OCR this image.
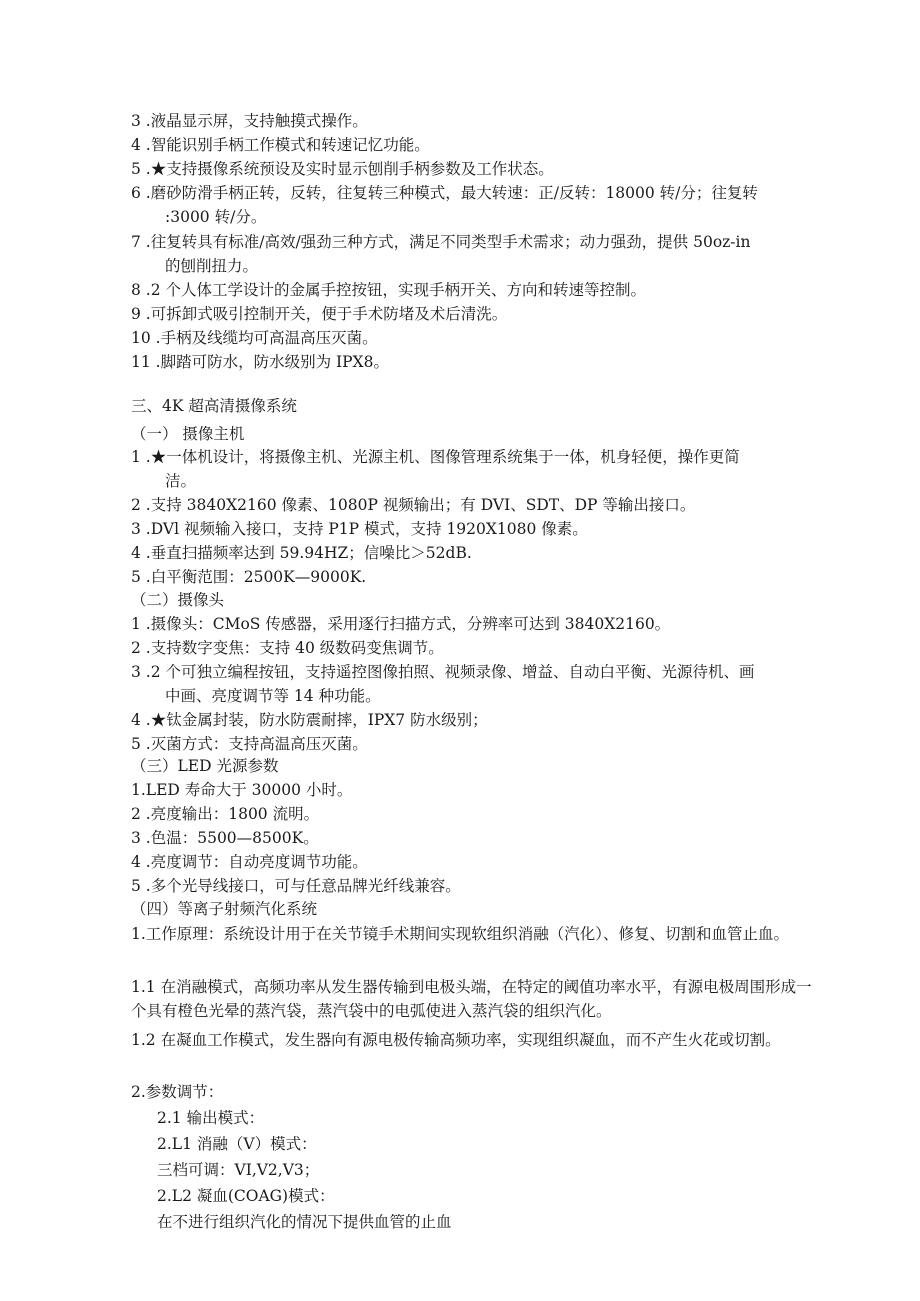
3 .液晶显示屏，支持触摸式操作。
4 .智能识别手柄工作模式和转速记忆功能。
5 .★支持摄像系统预设及实时显示刨削手柄参数及工作状态。
6 .磨砂防滑手柄正转，反转，往复转三种模式，最大转速：正/反转：18000 转/分；往复转
:3000 转/分。
7 .往复转具有标准/高效/强劲三种方式，满足不同类型手术需求；动力强劲，提供 50oz-in
的刨削扭力。
8 .2 个人体工学设计的金属手控按钮，实现手柄开关、方向和转速等控制。
9 .可拆卸式吸引控制开关，便于手术防堵及术后清洗。
10 .手柄及线缆均可高温高压灭菌。
11 .脚踏可防水，防水级别为 IPX8。
三、4K 超高清摄像系统
（一） 摄像主机
1 .★一体机设计，将摄像主机、光源主机、图像管理系统集于一体，机身轻便，操作更简
洁。
2 .支持 3840X2160 像素、1080P 视频输出；有 DVI、SDT、DP 等输出接口。
3 .DVl 视频输入接口，支持 P1P 模式，支持 1920X1080 像素。
4 .垂直扫描频率达到 59.94HZ；信噪比＞52dB.
5 .白平衡范围：2500K—9000K.
（二）摄像头
1 .摄像头：CMoS 传感器，采用逐行扫描方式，分辨率可达到 3840X2160。
2 .支持数字变焦：支持 40 级数码变焦调节。
3 .2 个可独立编程按钮，支持遥控图像拍照、视频录像、增益、自动白平衡、光源待机、画
中画、亮度调节等 14 种功能。
4 .★钛金属封装，防水防震耐摔，IPX7 防水级别；
5 .灭菌方式：支持高温高压灭菌。
（三）LED 光源参数
1.LED 寿命大于 30000 小时。
2 .亮度输出：1800 流明。
3 .色温：5500—8500K。
4 .亮度调节：自动亮度调节功能。
5 .多个光导线接口，可与任意品牌光纤线兼容。
（四）等离子射频汽化系统
1.工作原理：系统设计用于在关节镜手术期间实现软组织消融（汽化）、修复、切割和血管止血。
1.1 在消融模式，高频功率从发生器传输到电极头端，在特定的阈值功率水平，有源电极周围形成一个具有橙色光晕的蒸汽袋，蒸汽袋中的电弧使进入蒸汽袋的组织汽化。
1.2 在凝血工作模式，发生器向有源电极传输高频功率，实现组织凝血，而不产生火花或切割。
2.参数调节：
2.1 输出模式：
2.L1 消融（V）模式：
三档可调：VI,V2,V3；
2.L2 凝血(COAG)模式：
在不进行组织汽化的情况下提供血管的止血
